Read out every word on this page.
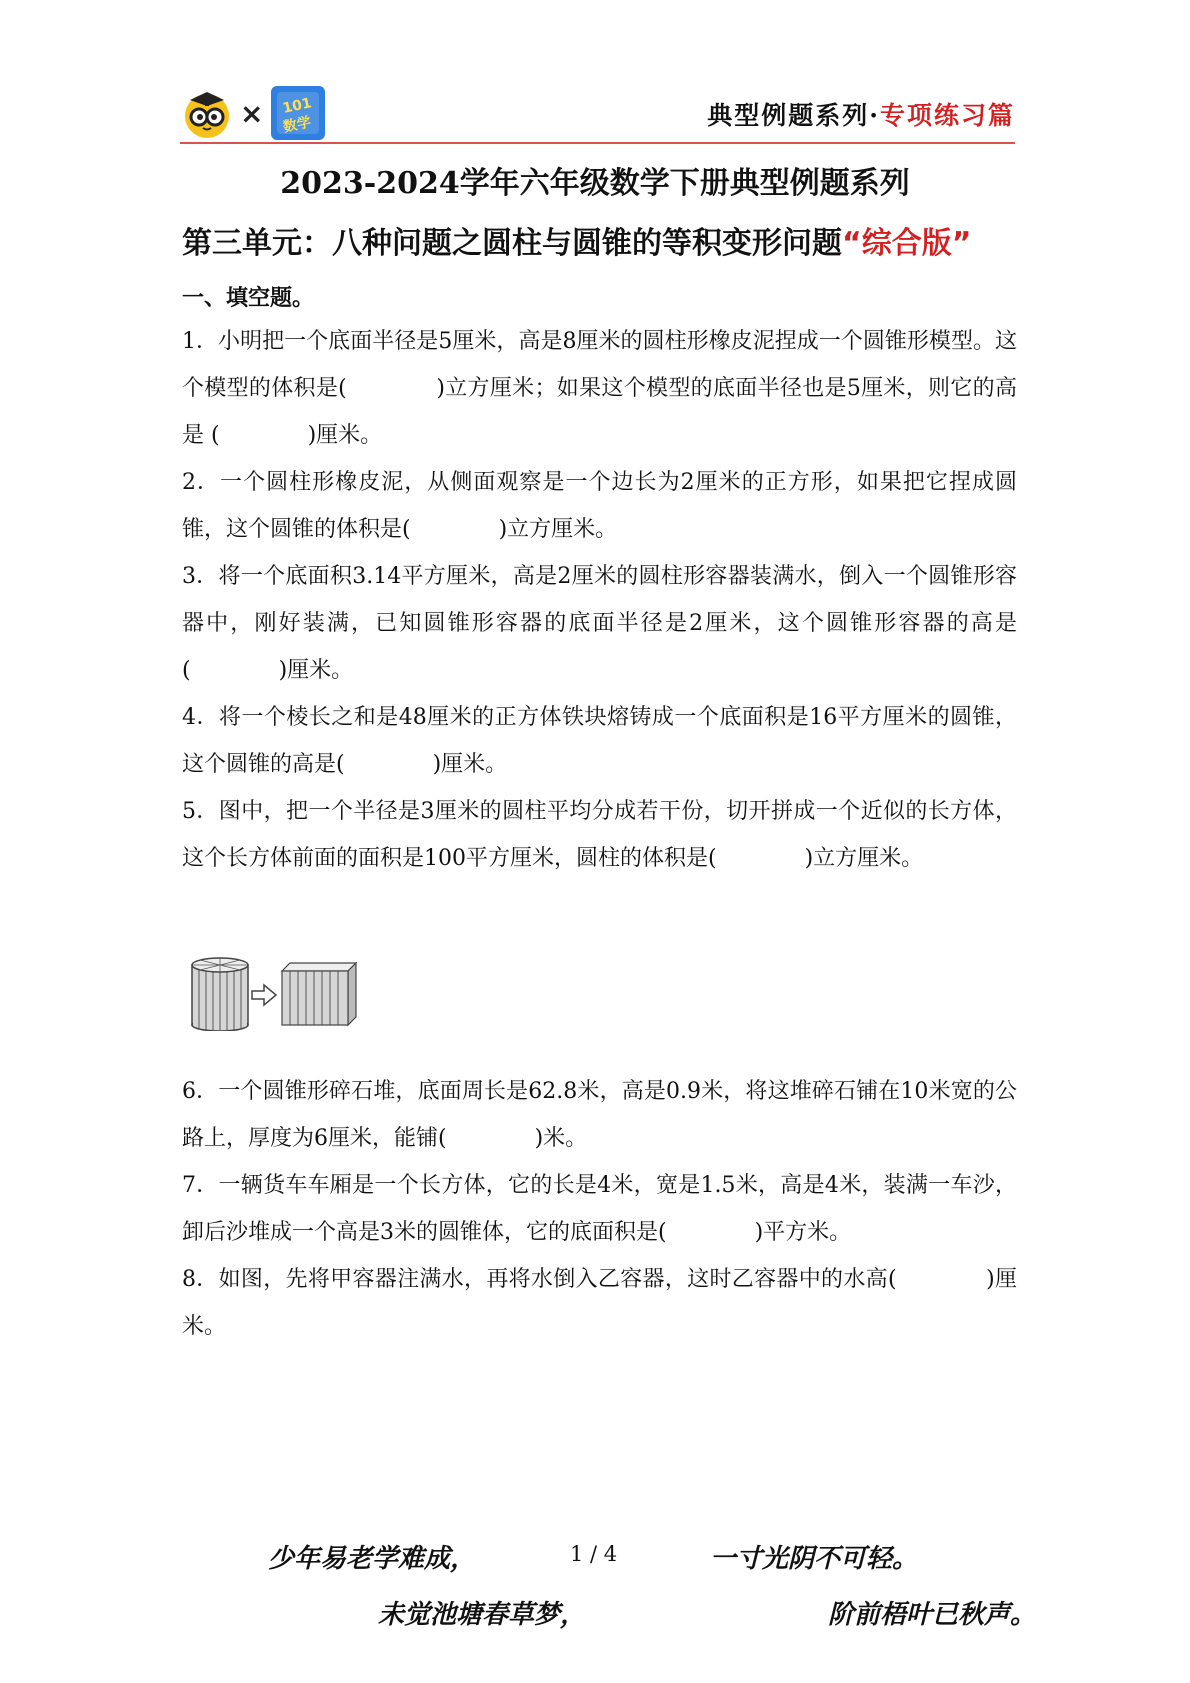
× 101
数学	典型例题系列·专项练习篇
2023-2024学年六年级数学下册典型例题系列
第三单元：八种问题之圆柱与圆锥的等积变形问题“综合版”
一、填空题。

1．小明把一个底面半径是5厘米，高是8厘米的圆柱形橡皮泥捏成一个圆锥形模型。这个模型的体积是(　　　　)立方厘米；如果这个模型的底面半径也是5厘米，则它的高是 (　　　　)厘米。

2．一个圆柱形橡皮泥，从侧面观察是一个边长为2厘米的正方形，如果把它捏成圆锥，这个圆锥的体积是(　　　　)立方厘米。

3．将一个底面积3.14平方厘米，高是2厘米的圆柱形容器装满水，倒入一个圆锥形容器中，刚好装满，已知圆锥形容器的底面半径是2厘米，这个圆锥形容器的高是(　　　　)厘米。

4．将一个棱长之和是48厘米的正方体铁块熔铸成一个底面积是16平方厘米的圆锥，这个圆锥的高是(　　　　)厘米。

5．图中，把一个半径是3厘米的圆柱平均分成若干份，切开拼成一个近似的长方体，这个长方体前面的面积是100平方厘米，圆柱的体积是(　　　　)立方厘米。

6．一个圆锥形碎石堆，底面周长是62.8米，高是0.9米，将这堆碎石铺在10米宽的公路上，厚度为6厘米，能铺(　　　　)米。

7．一辆货车车厢是一个长方体，它的长是4米，宽是1.5米，高是4米，装满一车沙，卸后沙堆成一个高是3米的圆锥体，它的底面积是(　　　　)平方米。

8．如图，先将甲容器注满水，再将水倒入乙容器，这时乙容器中的水高(　　　　)厘米。

少年易老学难成，	1 / 4	一寸光阴不可轻。
未觉池塘春草梦，	阶前梧叶已秋声。
